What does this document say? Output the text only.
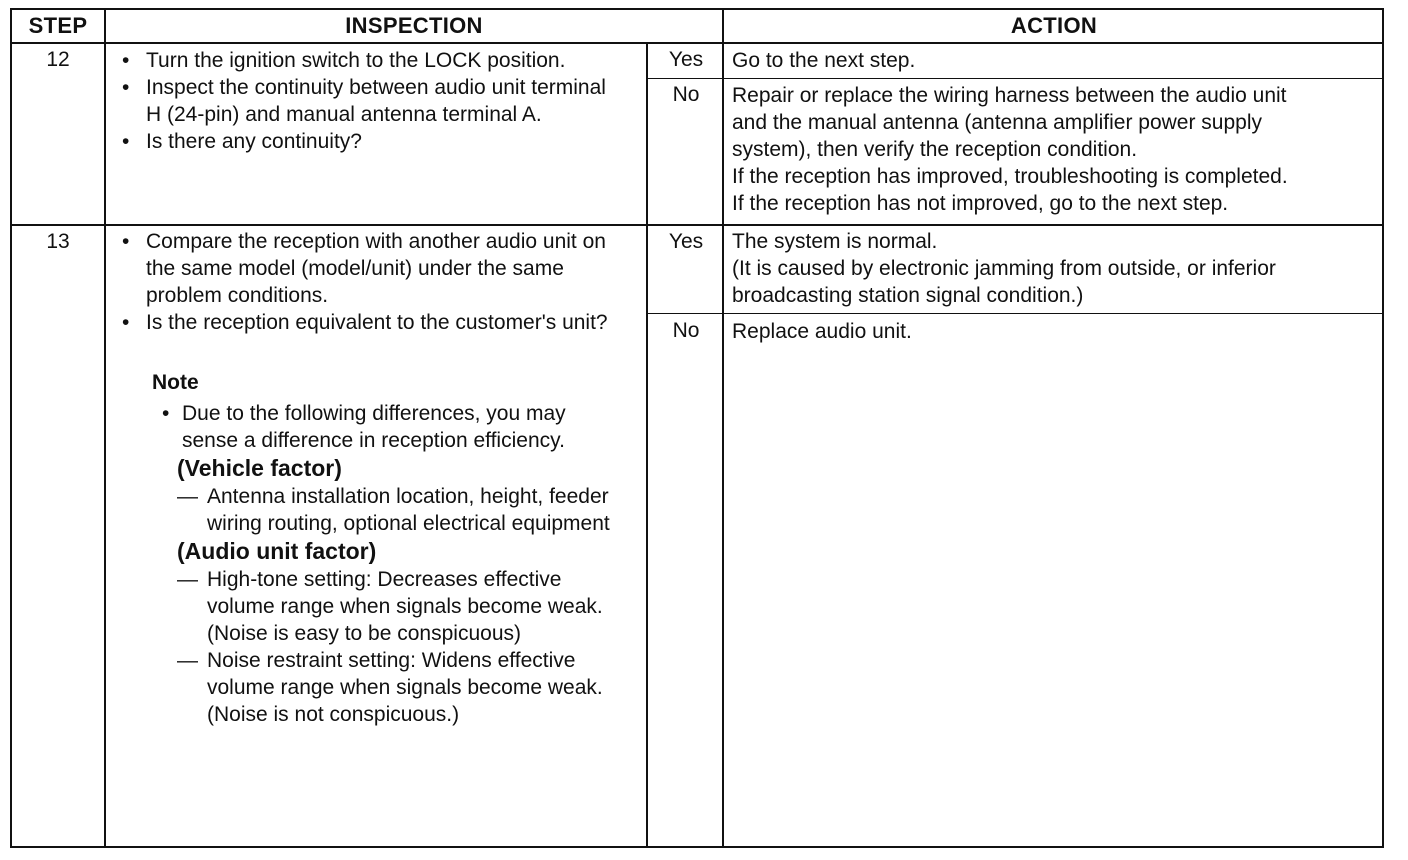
STEP	INSPECTION	ACTION
12	• Turn the ignition switch to the LOCK position.
• Inspect the continuity between audio unit terminal H (24-pin) and manual antenna terminal A.
• Is there any continuity?
Yes	Go to the next step.
No	Repair or replace the wiring harness between the audio unit
and the manual antenna (antenna amplifier power supply
system), then verify the reception condition.
If the reception has improved, troubleshooting is completed.
If the reception has not improved, go to the next step.
13	• Compare the reception with another audio unit on the same model (model/unit) under the same problem conditions.
• Is the reception equivalent to the customer's unit?
Note
• Due to the following differences, you may sense a difference in reception efficiency.
(Vehicle factor)
— Antenna installation location, height, feeder wiring routing, optional electrical equipment
(Audio unit factor)
— High-tone setting: Decreases effective volume range when signals become weak. (Noise is easy to be conspicuous)
— Noise restraint setting: Widens effective volume range when signals become weak. (Noise is not conspicuous.)
Yes	The system is normal.
(It is caused by electronic jamming from outside, or inferior
broadcasting station signal condition.)
No	Replace audio unit.
